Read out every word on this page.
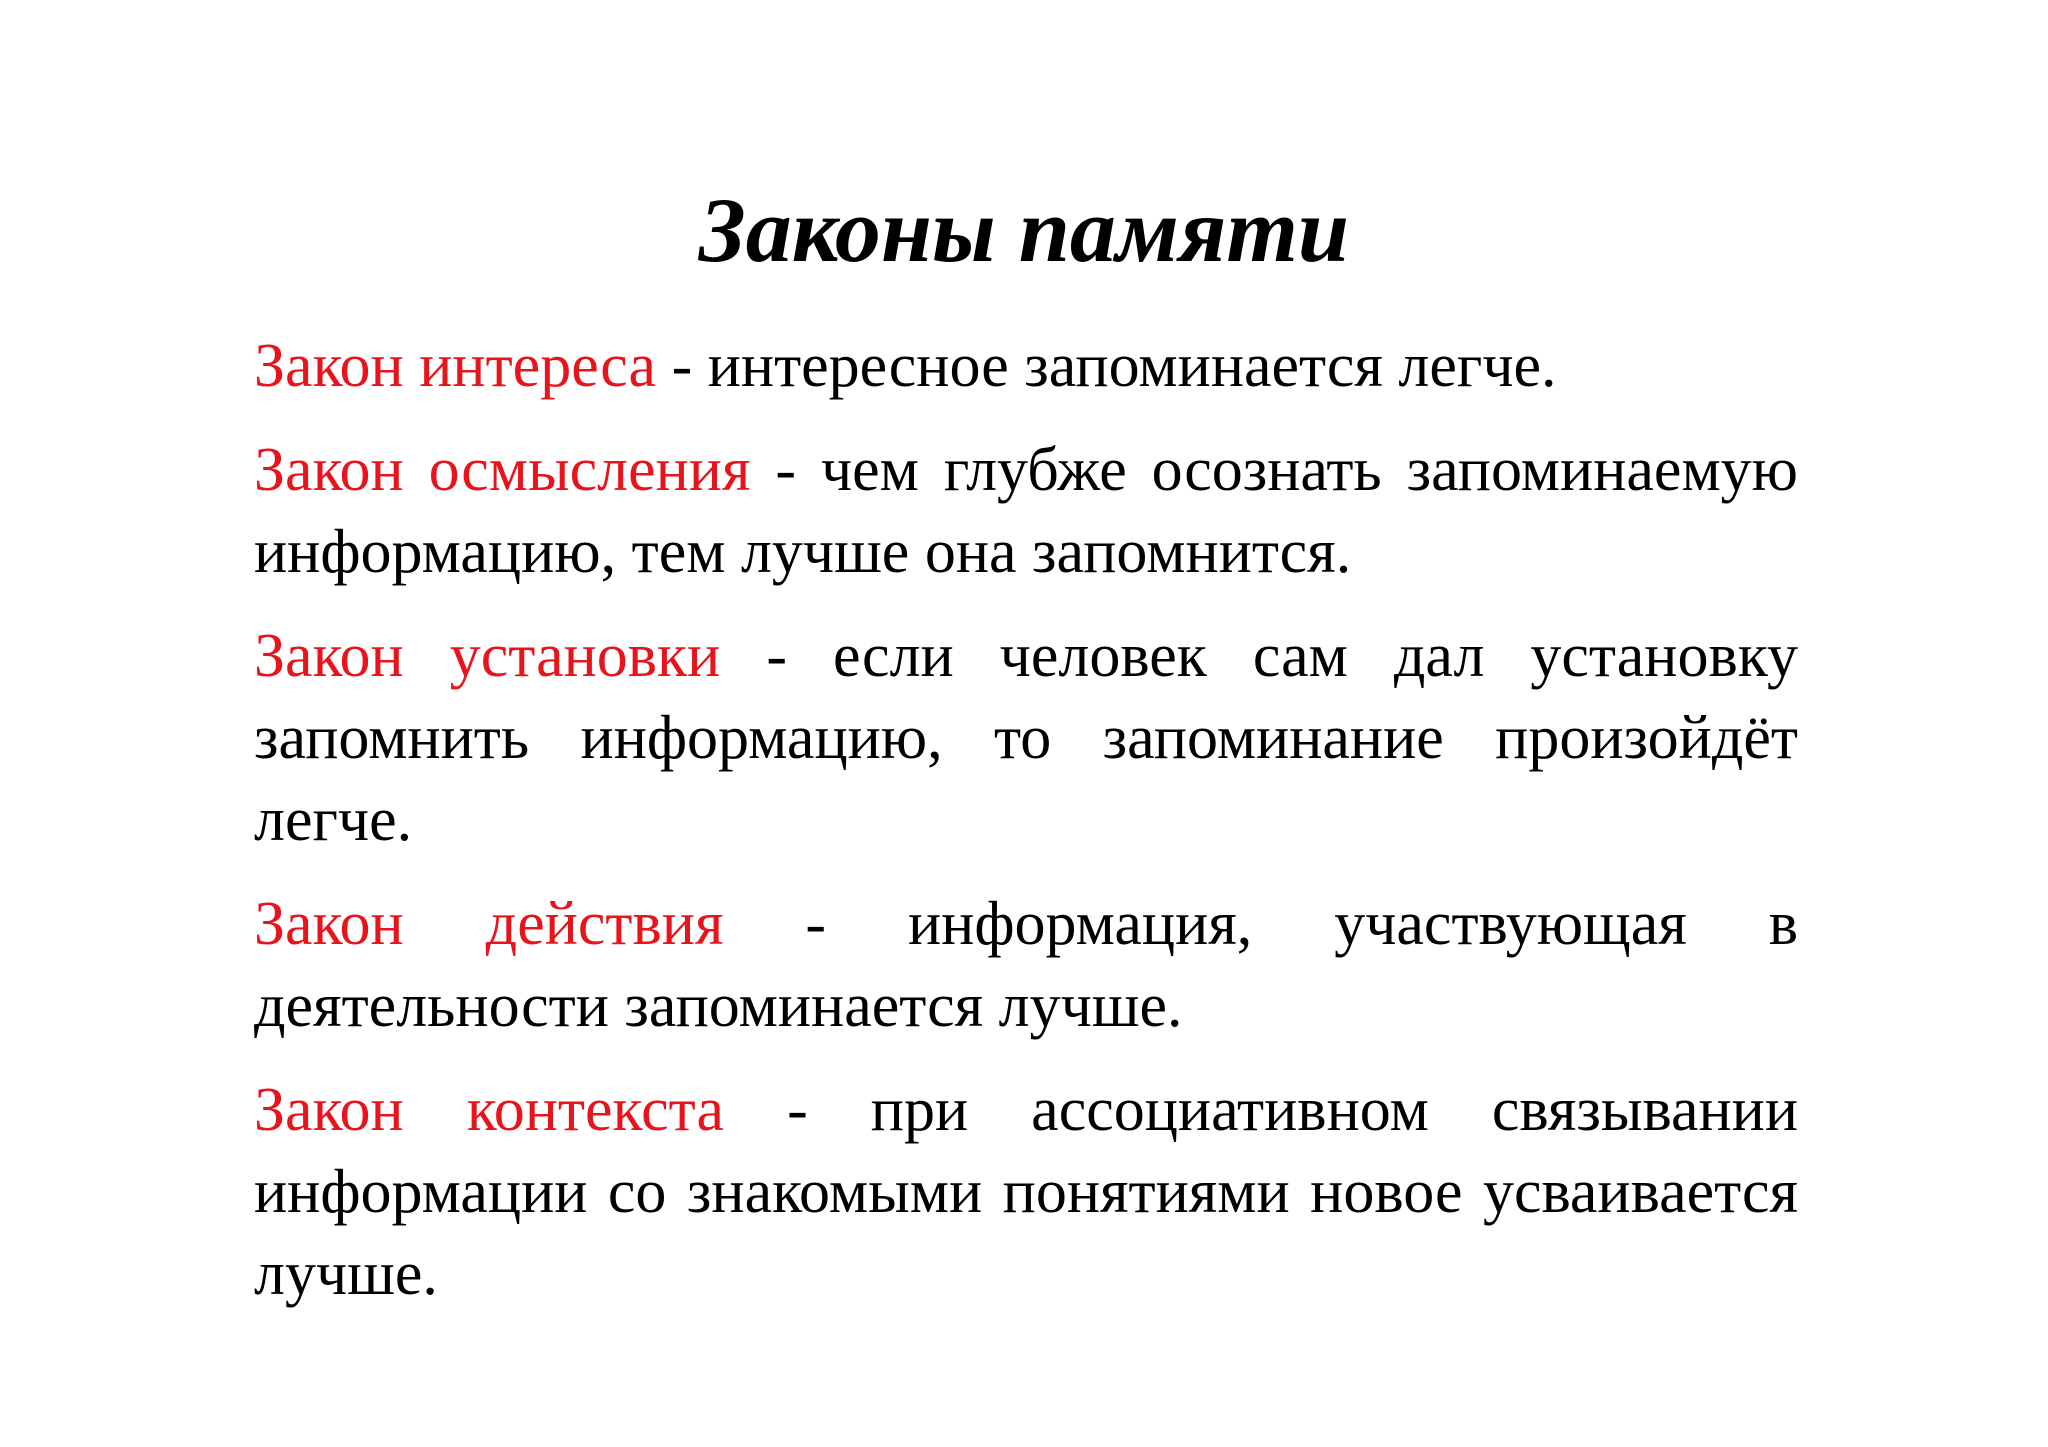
Законы памяти

Закон интереса - интересное запоминается легче.

Закон осмысления - чем глубже осознать запоминаемую информацию, тем лучше она запомнится.

Закон установки - если человек сам дал установку запомнить информацию, то запоминание произойдёт легче.

Закон действия - информация, участвующая в деятельности запоминается лучше.

Закон контекста - при ассоциативном связывании информации со знакомыми понятиями новое усваивается лучше.
